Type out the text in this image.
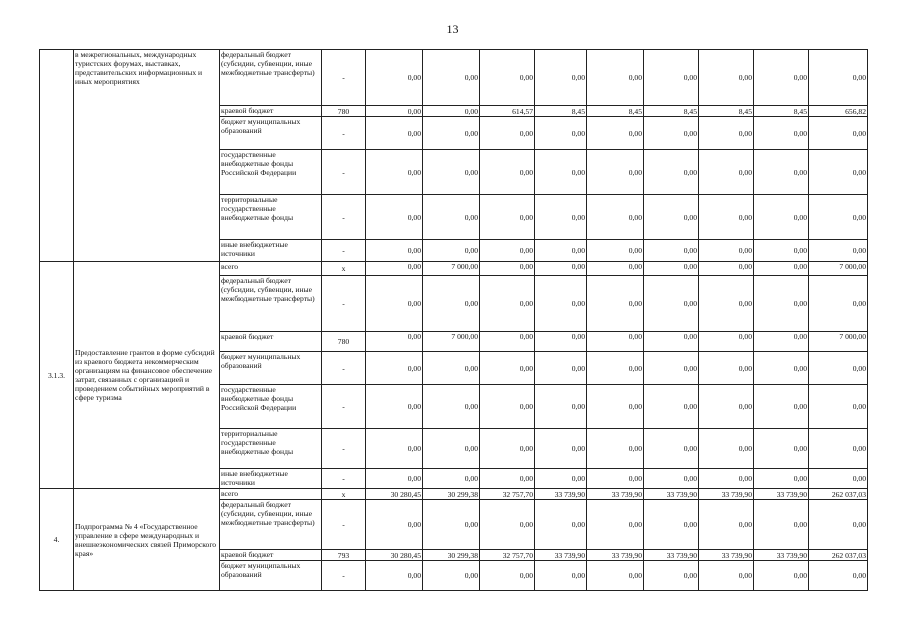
13
	в межрегиональных, международных туристских форумах, выставках, представительских информационных и иных мероприятиях	федеральный бюджет (субсидии, субвенции, иные межбюджетные трансферты)	-	0,00	0,00	0,00	0,00	0,00	0,00	0,00	0,00	0,00
		краевой бюджет	780	0,00	0,00	614,57	8,45	8,45	8,45	8,45	8,45	656,82
		бюджет муниципальных образований	-	0,00	0,00	0,00	0,00	0,00	0,00	0,00	0,00	0,00
		государственные внебюджетные фонды Российской Федерации	-	0,00	0,00	0,00	0,00	0,00	0,00	0,00	0,00	0,00
		территориальные государственные внебюджетные фонды	-	0,00	0,00	0,00	0,00	0,00	0,00	0,00	0,00	0,00
		иные внебюджетные источники	-	0,00	0,00	0,00	0,00	0,00	0,00	0,00	0,00	0,00
3.1.3.	Предоставление грантов в форме субсидий из краевого бюджета некоммерческим организациям на финансовое обеспечение затрат, связанных с организацией и проведением событийных мероприятий в сфере туризма	всего	х	0,00	7 000,00	0,00	0,00	0,00	0,00	0,00	0,00	7 000,00
		федеральный бюджет (субсидии, субвенции, иные межбюджетные трансферты)	-	0,00	0,00	0,00	0,00	0,00	0,00	0,00	0,00	0,00
		краевой бюджет	780	0,00	7 000,00	0,00	0,00	0,00	0,00	0,00	0,00	7 000,00
		бюджет муниципальных образований	-	0,00	0,00	0,00	0,00	0,00	0,00	0,00	0,00	0,00
		государственные внебюджетные фонды Российской Федерации	-	0,00	0,00	0,00	0,00	0,00	0,00	0,00	0,00	0,00
		территориальные государственные внебюджетные фонды	-	0,00	0,00	0,00	0,00	0,00	0,00	0,00	0,00	0,00
		иные внебюджетные источники	-	0,00	0,00	0,00	0,00	0,00	0,00	0,00	0,00	0,00
4.	Подпрограмма № 4 «Государственное управление в сфере международных и внешнеэкономических связей Приморского края»	всего	х	30 280,45	30 299,38	32 757,70	33 739,90	33 739,90	33 739,90	33 739,90	33 739,90	262 037,03
		федеральный бюджет (субсидии, субвенции, иные межбюджетные трансферты)	-	0,00	0,00	0,00	0,00	0,00	0,00	0,00	0,00	0,00
		краевой бюджет	793	30 280,45	30 299,38	32 757,70	33 739,90	33 739,90	33 739,90	33 739,90	33 739,90	262 037,03
		бюджет муниципальных образований	-	0,00	0,00	0,00	0,00	0,00	0,00	0,00	0,00	0,00
